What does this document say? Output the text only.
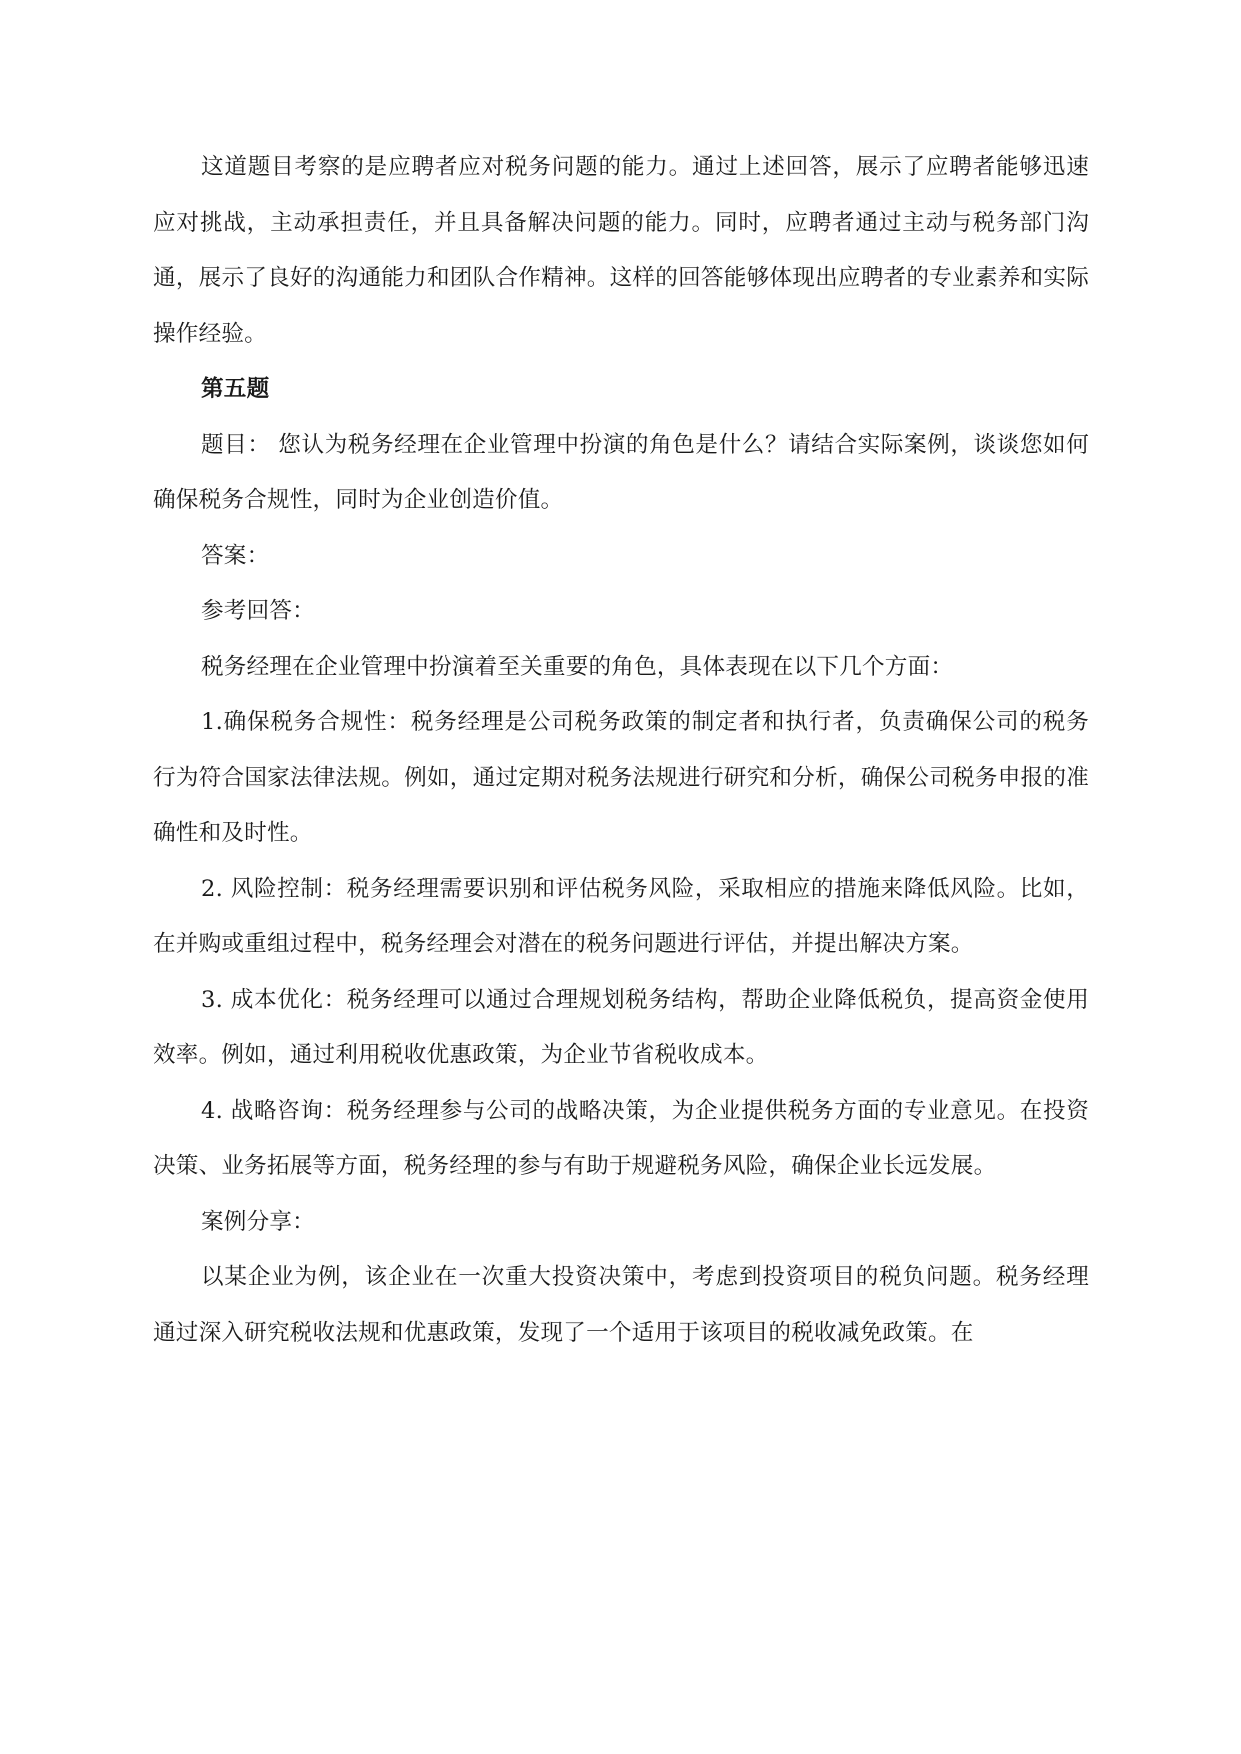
这道题目考察的是应聘者应对税务问题的能力。通过上述回答，展示了应聘者能够迅速应对挑战，主动承担责任，并且具备解决问题的能力。同时，应聘者通过主动与税务部门沟通，展示了良好的沟通能力和团队合作精神。这样的回答能够体现出应聘者的专业素养和实际操作经验。

第五题

题目： 您认为税务经理在企业管理中扮演的角色是什么？请结合实际案例，谈谈您如何确保税务合规性，同时为企业创造价值。

答案：

参考回答：

税务经理在企业管理中扮演着至关重要的角色，具体表现在以下几个方面：

1.确保税务合规性：税务经理是公司税务政策的制定者和执行者，负责确保公司的税务行为符合国家法律法规。例如，通过定期对税务法规进行研究和分析，确保公司税务申报的准确性和及时性。

2. 风险控制：税务经理需要识别和评估税务风险，采取相应的措施来降低风险。比如，在并购或重组过程中，税务经理会对潜在的税务问题进行评估，并提出解决方案。

3. 成本优化：税务经理可以通过合理规划税务结构，帮助企业降低税负，提高资金使用效率。例如，通过利用税收优惠政策，为企业节省税收成本。

4. 战略咨询：税务经理参与公司的战略决策，为企业提供税务方面的专业意见。在投资决策、业务拓展等方面，税务经理的参与有助于规避税务风险，确保企业长远发展。

案例分享：

以某企业为例，该企业在一次重大投资决策中，考虑到投资项目的税负问题。税务经理通过深入研究税收法规和优惠政策，发现了一个适用于该项目的税收减免政策。在
